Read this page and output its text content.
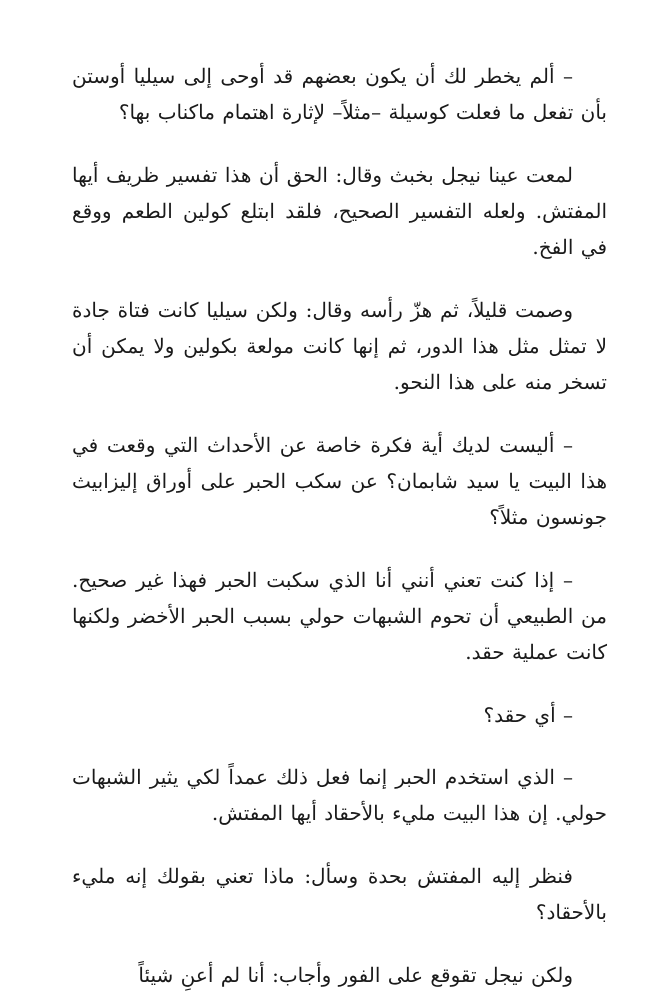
– ألم يخطر لك أن يكون بعضهم قد أوحى إلى سيليا أوستن بأن تفعل ما فعلت كوسيلة –مثلاً– لإثارة اهتمام ماكناب بها؟

لمعت عينا نيجل بخبث وقال: الحق أن هذا تفسير ظريف أيها المفتش. ولعله التفسير الصحيح، فلقد ابتلع كولين الطعم ووقع في الفخ.

وصمت قليلاً، ثم هزّ رأسه وقال: ولكن سيليا كانت فتاة جادة لا تمثل مثل هذا الدور، ثم إنها كانت مولعة بكولين ولا يمكن أن تسخر منه على هذا النحو.

– أليست لديك أية فكرة خاصة عن الأحداث التي وقعت في هذا البيت يا سيد شابمان؟ عن سكب الحبر على أوراق إليزابيث جونسون مثلاً؟

– إذا كنت تعني أنني أنا الذي سكبت الحبر فهذا غير صحيح. من الطبيعي أن تحوم الشبهات حولي بسبب الحبر الأخضر ولكنها كانت عملية حقد.

– أي حقد؟

– الذي استخدم الحبر إنما فعل ذلك عمداً لكي يثير الشبهات حولي. إن هذا البيت مليء بالأحقاد أيها المفتش.

فنظر إليه المفتش بحدة وسأل: ماذا تعني بقولك إنه مليء بالأحقاد؟

ولكن نيجل تقوقع على الفور وأجاب: أنا لم أعنِ شيئاً
